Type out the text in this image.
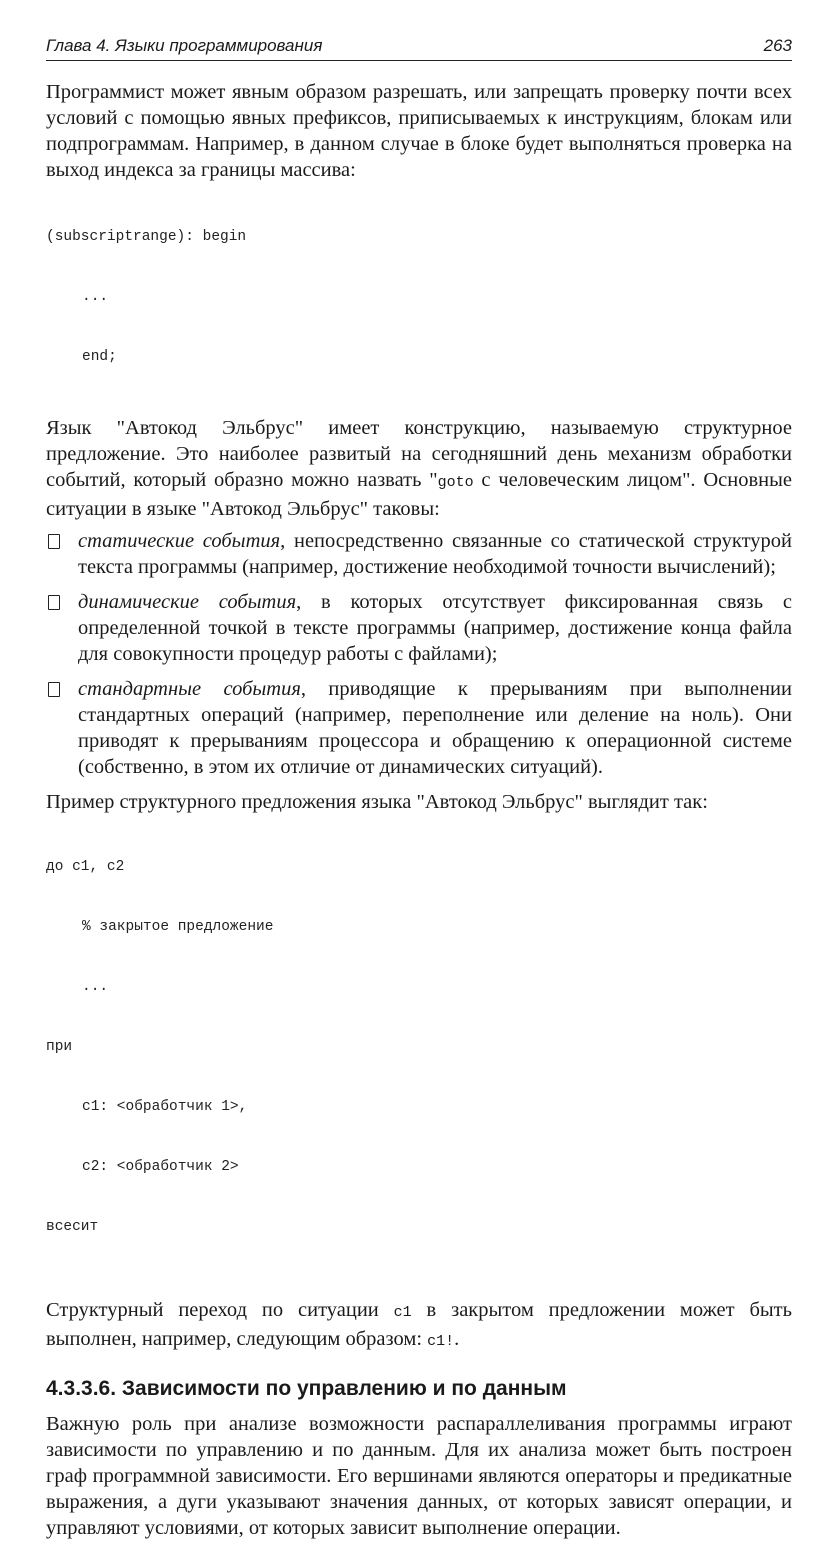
Глава 4. Языки программирования	263

Программист может явным образом разрешать, или запрещать проверку почти всех условий с помощью явных префиксов, приписываемых к инструкциям, блокам или подпрограммам. Например, в данном случае в блоке будет выполняться проверка на выход индекса за границы массива:

(subscriptrange): begin

...

end;

Язык "Автокод Эльбрус" имеет конструкцию, называемую структурное предложение. Это наиболее развитый на сегодняшний день механизм обработки событий, который образно можно назвать "goto с человеческим лицом". Основные ситуации в языке "Автокод Эльбрус" таковы:

статические события, непосредственно связанные со статической структурой текста программы (например, достижение необходимой точности вычислений);
динамические события, в которых отсутствует фиксированная связь с определенной точкой в тексте программы (например, достижение конца файла для совокупности процедур работы с файлами);
стандартные события, приводящие к прерываниям при выполнении стандартных операций (например, переполнение или деление на ноль). Они приводят к прерываниям процессора и обращению к операционной системе (собственно, в этом их отличие от динамических ситуаций).

Пример структурного предложения языка "Автокод Эльбрус" выглядит так:

до c1, c2

% закрытое предложение

...

при

c1: <обработчик 1>,

c2: <обработчик 2>

всесит

Структурный переход по ситуации c1 в закрытом предложении может быть выполнен, например, следующим образом: c1!.

4.3.3.6. Зависимости по управлению и по данным

Важную роль при анализе возможности распараллеливания программы играют зависимости по управлению и по данным. Для их анализа может быть построен граф программной зависимости. Его вершинами являются операторы и предикатные выражения, а дуги указывают значения данных, от которых зависят операции, и управляют условиями, от которых зависит выполнение операции.
